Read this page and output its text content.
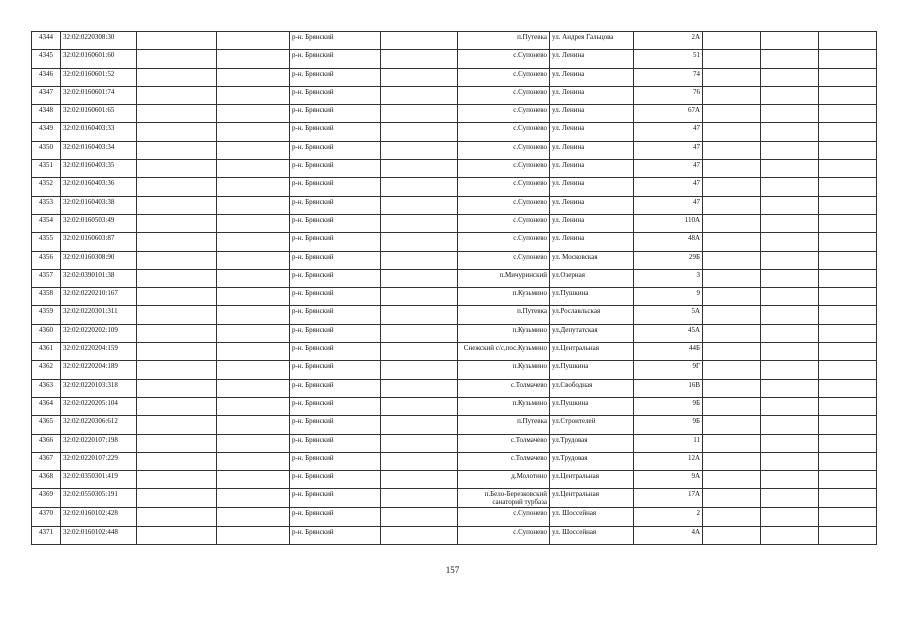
4344	32:02:0220308:30			р-н. Брянский		п.Путевка	ул. Андрея Гальцова	2А			
4345	32:02:0160601:60			р-н. Брянский		с.Супонево	ул. Ленина	51			
4346	32:02:0160601:52			р-н. Брянский		с.Супонево	ул. Ленина	74			
4347	32:02:0160601:74			р-н. Брянский		с.Супонево	ул. Ленина	76			
4348	32:02:0160601:65			р-н. Брянский		с.Супонево	ул. Ленина	67А			
4349	32:02:0160403:33			р-н. Брянский		с.Супонево	ул. Ленина	47			
4350	32:02:0160403:34			р-н. Брянский		с.Супонево	ул. Ленина	47			
4351	32:02:0160403:35			р-н. Брянский		с.Супонево	ул. Ленина	47			
4352	32:02:0160403:36			р-н. Брянский		с.Супонево	ул. Ленина	47			
4353	32:02:0160403:38			р-н. Брянский		с.Супонево	ул. Ленина	47			
4354	32:02:0160503:49			р-н. Брянский		с.Супонево	ул. Ленина	110А			
4355	32:02:0160603:87			р-н. Брянский		с.Супонево	ул. Ленина	48А			
4356	32:02:0160308:90			р-н. Брянский		с.Супонево	ул. Московская	29Б			
4357	32:02:0390101:38			р-н. Брянский		п.Мичуринский	ул.Озерная	3			
4358	32:02:0220210:167			р-н. Брянский		п.Кузьмино	ул.Пушкина	9			
4359	32:02:0220301:311			р-н. Брянский		п.Путевка	ул.Рославльская	5А			
4360	32:02:0220202:109			р-н. Брянский		п.Кузьмино	ул.Депутатская	45А			
4361	32:02:0220204:159			р-н. Брянский		Снежский с/с,пос.Кузьмино	ул.Центральная	44Б			
4362	32:02:0220204:189			р-н. Брянский		п.Кузьмино	ул.Пушкина	9Г			
4363	32:02:0220103:318			р-н. Брянский		с.Толмачево	ул.Свободная	16В			
4364	32:02:0220205:104			р-н. Брянский		п.Кузьмино	ул.Пушкина	9Б			
4365	32:02:0220306:612			р-н. Брянский		п.Путевка	ул.Строителей	9Б			
4366	32:02:0220107:198			р-н. Брянский		с.Толмачево	ул.Трудовая	11			
4367	32:02:0220107:229			р-н. Брянский		с.Толмачево	ул.Трудовая	12А			
4368	32:02:0350301:419			р-н. Брянский		д.Молотино	ул.Центральная	9А			
4369	32:02:0550305:191			р-н. Брянский		п.Бело-Березковский санаторий турбаза	ул.Центральная	17А			
4370	32:02:0160102:428			р-н. Брянский		с.Супонево	ул. Шоссейная	2			
4371	32:02:0160102:448			р-н. Брянский		с.Супонево	ул. Шоссейная	4А			
157
